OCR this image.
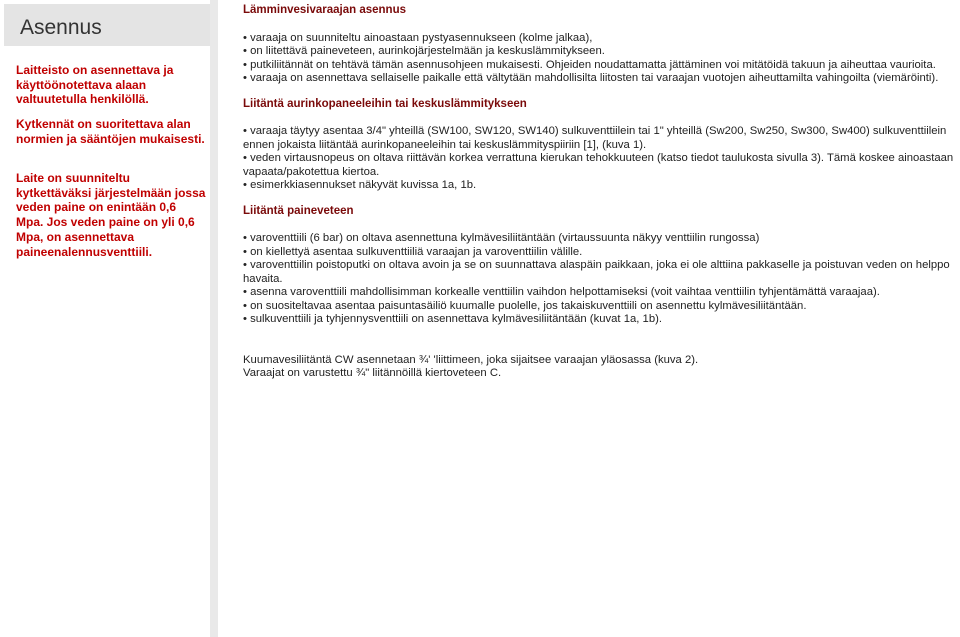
Asennus

Laitteisto on asennettava ja käyttöönotettava alaan valtuutetulla henkilöllä.

Kytkennät on suoritettava alan normien ja sääntöjen mukaisesti.

Laite on suunniteltu kytkettäväksi järjestelmään jossa veden paine on enintään 0,6 Mpa. Jos veden paine on yli 0,6 Mpa, on asennettava paineenalennusventtiili.

Lämminvesivaraajan asennus
• varaaja on suunniteltu ainoastaan pystyasennukseen (kolme jalkaa),
• on liitettävä paineveteen, aurinkojärjestelmään ja keskuslämmitykseen.
• putkiliitännät on tehtävä tämän asennusohjeen mukaisesti. Ohjeiden noudattamatta jättäminen voi mitätöidä takuun ja aiheuttaa vaurioita.
• varaaja on asennettava sellaiselle paikalle että vältytään mahdollisilta liitosten tai varaajan vuotojen aiheuttamilta vahingoilta (viemäröinti).
Liitäntä aurinkopaneeleihin tai keskuslämmitykseen
• varaaja täytyy asentaa 3/4" yhteillä (SW100, SW120, SW140) sulkuventtiilein tai 1" yhteillä (Sw200, Sw250, Sw300, Sw400) sulkuventtiilein ennen jokaista liitäntää aurinkopaneeleihin tai keskuslämmityspiiriin [1], (kuva 1).
• veden virtausnopeus on oltava riittävän korkea verrattuna kierukan tehokkuuteen (katso tiedot taulukosta sivulla 3). Tämä koskee ainoastaan vapaata/pakotettua kiertoa.
• esimerkkiasennukset näkyvät kuvissa 1a, 1b.
Liitäntä paineveteen
• varoventtiili (6 bar) on oltava asennettuna kylmävesiliitäntään (virtaussuunta näkyy venttiilin rungossa)
• on kiellettyä asentaa sulkuventtiiliä varaajan ja varoventtiilin välille.
• varoventtiilin poistoputki on oltava avoin ja se on suunnattava alaspäin paikkaan, joka ei ole alttiina pakkaselle ja poistuvan veden on helppo havaita.
• asenna varoventtiili mahdollisimman korkealle venttiilin vaihdon helpottamiseksi (voit vaihtaa venttiilin tyhjentämättä varaajaa).
• on suositeltavaa asentaa paisuntasäiliö kuumalle puolelle, jos takaiskuventtiili on asennettu kylmävesiliitäntään.
• sulkuventtiili ja tyhjennysventtiili on asennettava kylmävesiliitäntään (kuvat 1a, 1b).

Kuumavesiliitäntä CW asennetaan ¾' 'liittimeen, joka sijaitsee varaajan yläosassa (kuva 2).

Varaajat on varustettu ¾" liitännöillä kiertoveteen C.
